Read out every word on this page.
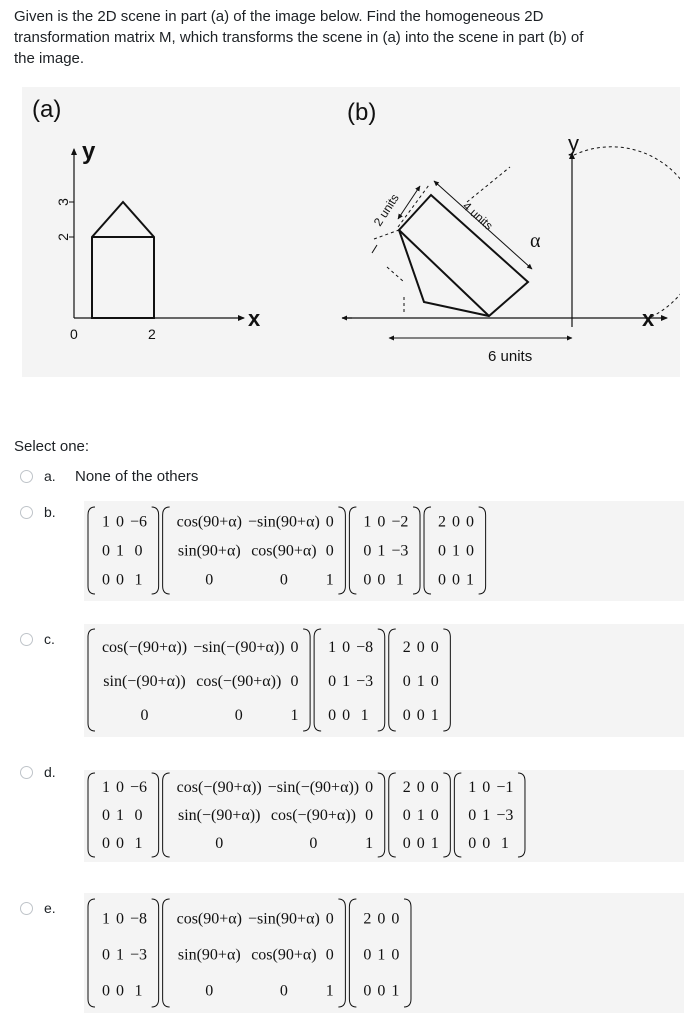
Given is the 2D scene in part (a) of the image below. Find the homogeneous 2D

transformation matrix M, which transforms the scene in (a) into the scene in part (b) of

the image.

(a)
y
x
3
2
0	2
(b)
y
x
2 units	4 units
α
6 units
Select one:
a. None of the others
b.
1
0
0
0
1
0
−6
0
1
cos(90+α)
sin(90+α)
0
−sin(90+α)
cos(90+α)
0
0
0
1
1
0
0
0
1
0
−2
−3
1
2
0
0
0
1
0
0
0
1
c.
cos(−(90+α))
sin(−(90+α))
0
−sin(−(90+α))
cos(−(90+α))
0
0
0
1
1
0
0
0
1
0
−8
−3
1
2
0
0
0
1
0
0
0
1
d.
1
0
0
0
1
0
−6
0
1
cos(−(90+α))
sin(−(90+α))
0
−sin(−(90+α))
cos(−(90+α))
0
0
0
1
2
0
0
0
1
0
0
0
1
1
0
0
0
1
0
−1
−3
1
e.
1
0
0
0
1
0
−8
−3
1
cos(90+α)
sin(90+α)
0
−sin(90+α)
cos(90+α)
0
0
0
1
2
0
0
0
1
0
0
0
1
